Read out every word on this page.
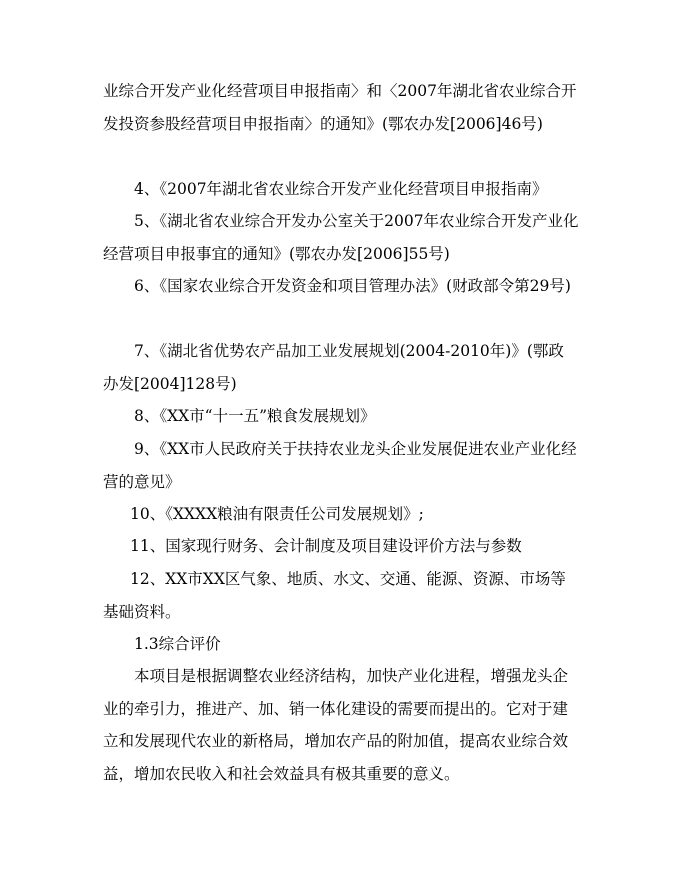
业综合开发产业化经营项目申报指南〉和〈2007年湖北省农业综合开发投资参股经营项目申报指南〉的通知》(鄂农办发[2006]46号)

4、《2007年湖北省农业综合开发产业化经营项目申报指南》

5、《湖北省农业综合开发办公室关于2007年农业综合开发产业化经营项目申报事宜的通知》(鄂农办发[2006]55号)

6、《国家农业综合开发资金和项目管理办法》(财政部令第29号)

7、《湖北省优势农产品加工业发展规划(2004-2010年)》(鄂政办发[2004]128号)

8、《XX市“十一五”粮食发展规划》

9、《XX市人民政府关于扶持农业龙头企业发展促进农业产业化经营的意见》

10、《XXXX粮油有限责任公司发展规划》;

11、国家现行财务、会计制度及项目建设评价方法与参数

12、XX市XX区气象、地质、水文、交通、能源、资源、市场等基础资料。

1.3综合评价

本项目是根据调整农业经济结构，加快产业化进程，增强龙头企业的牵引力，推进产、加、销一体化建设的需要而提出的。它对于建立和发展现代农业的新格局，增加农产品的附加值，提高农业综合效益，增加农民收入和社会效益具有极其重要的意义。
